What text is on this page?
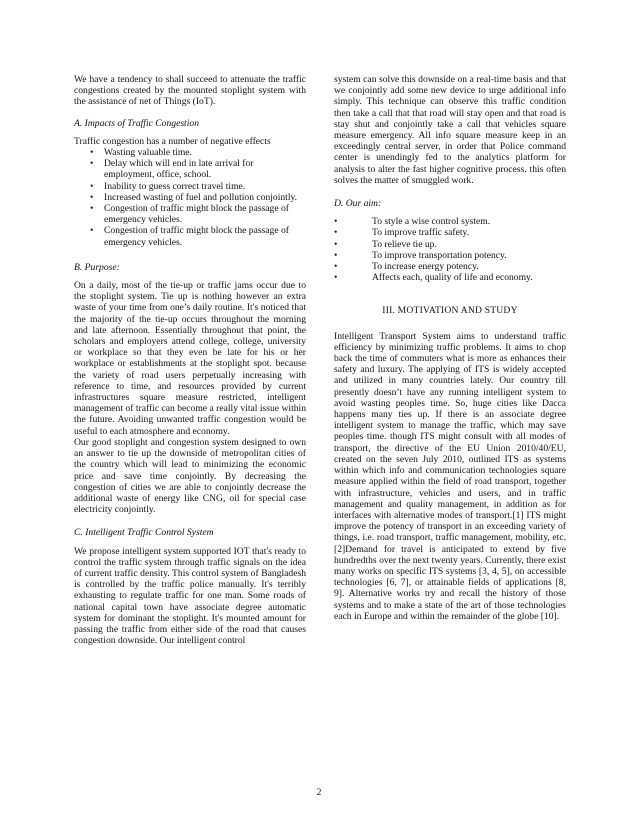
We have a tendency to shall succeed to attenuate the traffic congestions created by the mounted stoplight system with the assistance of net of Things (IoT).

A. Impacts of Traffic Congestion

Traffic congestion has a number of negative effects

• Wasting valuable time.
• Delay which will end in late arrival for employment, office, school.
• Inability to guess correct travel time.
• Increased wasting of fuel and pollution conjointly.
• Congestion of traffic might block the passage of emergency vehicles.
• Congestion of traffic might block the passage of emergency vehicles.
B. Purpose:

On a daily, most of the tie-up or traffic jams occur due to the stoplight system. Tie up is nothing however an extra waste of your time from one’s daily routine. It's noticed that the majority of the tie-up occurs throughout the morning and late afternoon. Essentially throughout that point, the scholars and employers attend college, college, university or workplace so that they even be late for his or her workplace or establishments at the stoplight spot. because the variety of road users perpetually increasing with reference to time, and resources provided by current infrastructures square measure restricted, intelligent management of traffic can become a really vital issue within the future. Avoiding unwanted traffic congestion would be useful to each atmosphere and economy.

Our good stoplight and congestion system designed to own an answer to tie up the downside of metropolitan cities of the country which will lead to minimizing the economic price and save time conjointly. By decreasing the congestion of cities we are able to conjointly decrease the additional waste of energy like CNG, oil for special case electricity conjointly.

C. Intelligent Traffic Control System

We propose intelligent system supported IOT that's ready to control the traffic system through traffic signals on the idea of current traffic density. This control system of Bangladesh is controlled by the traffic police manually. It's terribly exhausting to regulate traffic for one man. Some roads of national capital town have associate degree automatic system for dominant the stoplight. It's mounted amount for passing the traffic from either side of the road that causes congestion downside. Our intelligent control

system can solve this downside on a real-time basis and that we conjointly add some new device to urge additional info simply. This technique can observe this traffic condition then take a call that that road will stay open and that road is stay shut and conjointly take a call that vehicles square measure emergency. All info square measure keep in an exceedingly central server, in order that Police command center is unendingly fed to the analytics platform for analysis to alter the fast higher cognitive process. this often solves the matter of smuggled work.

D. Our aim:
•	To style a wise control system.
•	To improve traffic safety.
•	To relieve tie up.
•	To improve transportation potency.
•	To increase energy potency.
•	Affects each, quality of life and economy.
III. MOTIVATION AND STUDY

Intelligent Transport System aims to understand traffic efficiency by minimizing traffic problems. It aims to chop back the time of commuters what is more as enhances their safety and luxury. The applying of ITS is widely accepted and utilized in many countries lately. Our country till presently doesn’t have any running intelligent system to avoid wasting peoples time. So, huge cities like Dacca happens many ties up. If there is an associate degree intelligent system to manage the traffic, which may save peoples time. though ITS might consult with all modes of transport, the directive of the EU Union 2010/40/EU, created on the seven July 2010, outlined ITS as systems within which info and communication technologies square measure applied within the field of road transport, together with infrastructure, vehicles and users, and in traffic management and quality management, in addition as for interfaces with alternative modes of transport.[1] ITS might improve the potency of transport in an exceeding variety of things, i.e. road transport, traffic management, mobility, etc.[2]Demand for travel is anticipated to extend by five hundredths over the next twenty years. Currently, there exist many works on specific ITS systems [3, 4, 5], on accessible technologies [6, 7], or attainable fields of applications [8, 9]. Alternative works try and recall the history of those systems and to make a state of the art of those technologies each in Europe and within the remainder of the globe [10].

2
